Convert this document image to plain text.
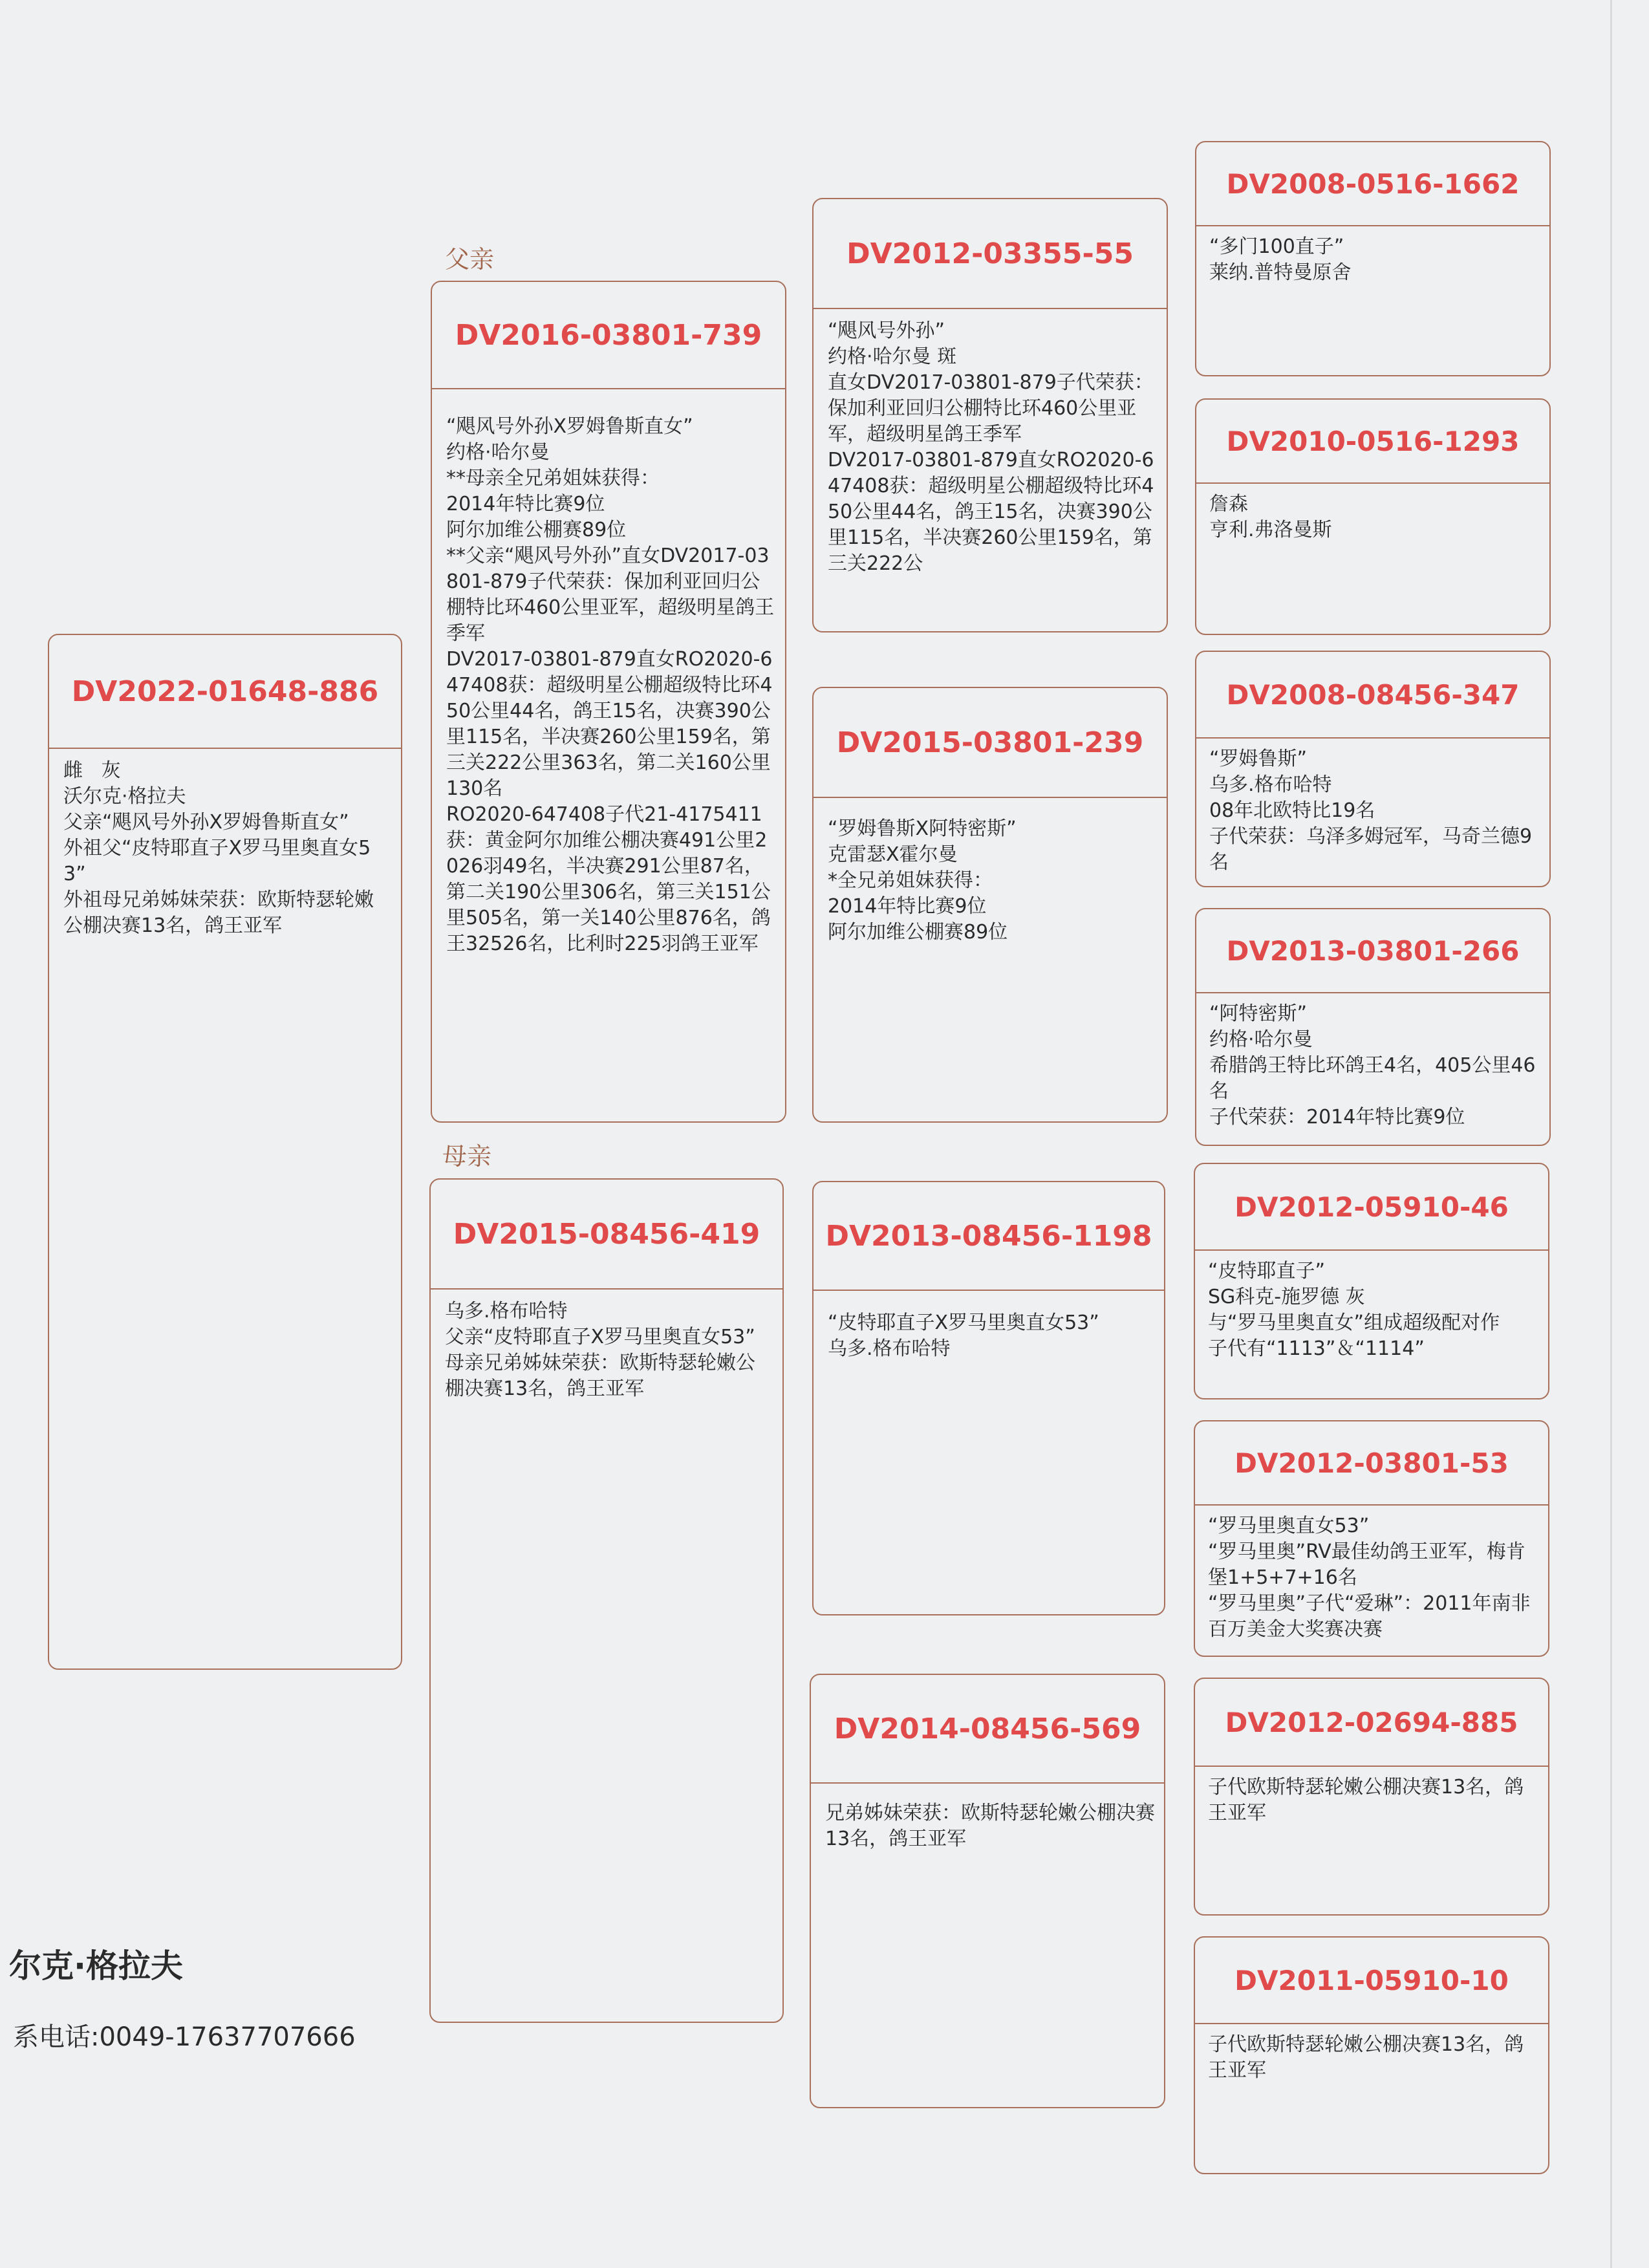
父亲
母亲
DV2022-01648-886
雌   灰
沃尔克·格拉夫
父亲“飓风号外孙X罗姆鲁斯直女”
外祖父“皮特耶直子X罗马里奥直女53”
外祖母兄弟姊妹荣获：欧斯特瑟轮嫩公棚决赛13名，鸽王亚军
DV2016-03801-739
“飓风号外孙X罗姆鲁斯直女”
约格·哈尔曼
**母亲全兄弟姐妹获得：
2014年特比赛9位
阿尔加维公棚赛89位
**父亲“飓风号外孙”直女DV2017-03801-879子代荣获：保加利亚回归公棚特比环460公里亚军，超级明星鸽王季军
DV2017-03801-879直女RO2020-647408获：超级明星公棚超级特比环450公里44名，鸽王15名，决赛390公里115名，半决赛260公里159名，第三关222公里363名，第二关160公里130名
RO2020-647408子代21-4175411获：黄金阿尔加维公棚决赛491公里2026羽49名，半决赛291公里87名，第二关190公里306名，第三关151公里505名，第一关140公里876名，鸽王32526名，比利时225羽鸽王亚军
DV2015-08456-419
乌多.格布哈特
父亲“皮特耶直子X罗马里奥直女53”
母亲兄弟姊妹荣获：欧斯特瑟轮嫩公棚决赛13名，鸽王亚军
DV2012-03355-55
“飓风号外孙”
约格·哈尔曼 斑
直女DV2017-03801-879子代荣获：保加利亚回归公棚特比环460公里亚军，超级明星鸽王季军
DV2017-03801-879直女RO2020-647408获：超级明星公棚超级特比环450公里44名，鸽王15名，决赛390公里115名，半决赛260公里159名，第三关222公
DV2015-03801-239
“罗姆鲁斯X阿特密斯”
克雷瑟X霍尔曼
*全兄弟姐妹获得：
2014年特比赛9位
阿尔加维公棚赛89位
DV2013-08456-1198
“皮特耶直子X罗马里奥直女53”
乌多.格布哈特
DV2014-08456-569
兄弟姊妹荣获：欧斯特瑟轮嫩公棚决赛13名，鸽王亚军
DV2008-0516-1662
“多门100直子”
莱纳.普特曼原舍
DV2010-0516-1293
詹森
亨利.弗洛曼斯
DV2008-08456-347
“罗姆鲁斯”
乌多.格布哈特
08年北欧特比19名
子代荣获：乌泽多姆冠军，马奇兰德9名
DV2013-03801-266
“阿特密斯”
约格·哈尔曼
希腊鸽王特比环鸽王4名，405公里46名
子代荣获：2014年特比赛9位
DV2012-05910-46
“皮特耶直子”
SG科克-施罗德 灰
与“罗马里奥直女”组成超级配对作
子代有“1113”＆“1114”
DV2012-03801-53
“罗马里奥直女53”
“罗马里奥”RV最佳幼鸽王亚军，梅肯堡1+5+7+16名
“罗马里奥”子代“爱琳”：2011年南非百万美金大奖赛决赛
DV2012-02694-885
子代欧斯特瑟轮嫩公棚决赛13名，鸽王亚军
DV2011-05910-10
子代欧斯特瑟轮嫩公棚决赛13名，鸽王亚军
尔克·格拉夫
系电话:0049-17637707666
